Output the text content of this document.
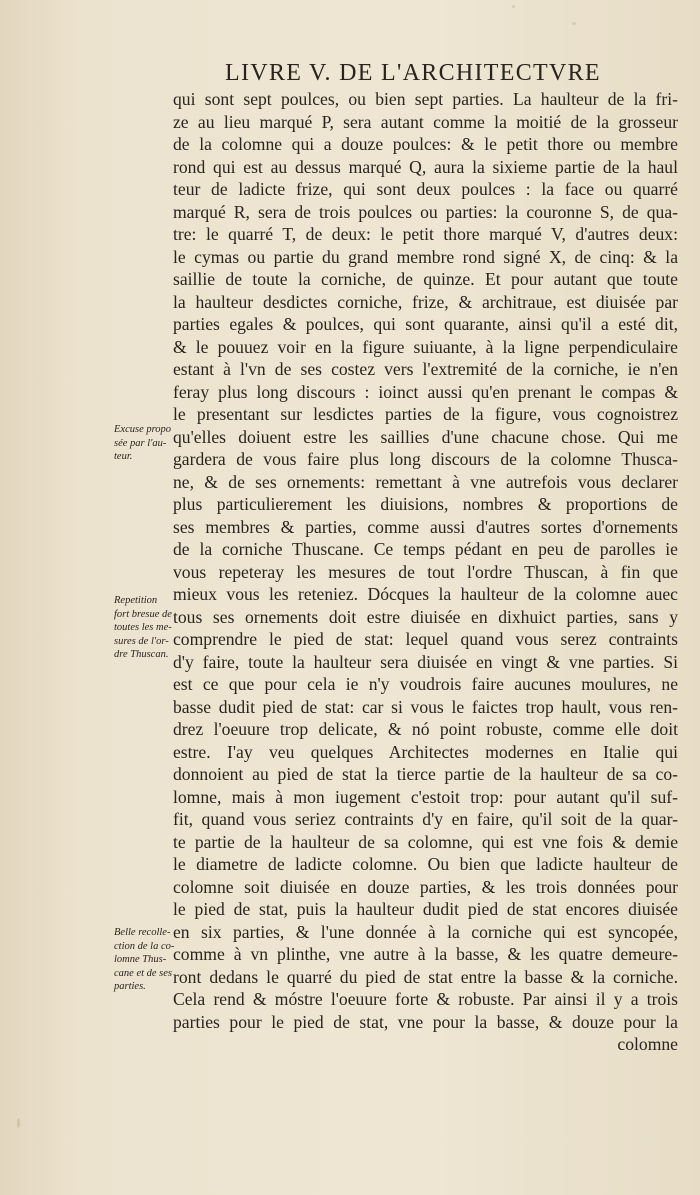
LIVRE V. DE L'ARCHITECTVRE
qui sont sept poulces, ou bien sept parties. La haulteur de la fri-
ze au lieu marqué P, sera autant comme la moitié de la grosseur
de la colomne qui a douze poulces: & le petit thore ou membre
rond qui est au dessus marqué Q, aura la sixieme partie de la haul
teur de ladicte frize, qui sont deux poulces : la face ou quarré
marqué R, sera de trois poulces ou parties: la couronne S, de qua-
tre: le quarré T, de deux: le petit thore marqué V, d'autres deux:
le cymas ou partie du grand membre rond signé X, de cinq: & la
saillie de toute la corniche, de quinze. Et pour autant que toute
la haulteur desdictes corniche, frize, & architraue, est diuisée par
parties egales & poulces, qui sont quarante, ainsi qu'il a esté dit,
& le pouuez voir en la figure suiuante, à la ligne perpendiculaire
estant à l'vn de ses costez vers l'extremité de la corniche, ie n'en
feray plus long discours : ioinct aussi qu'en prenant le compas &
le presentant sur lesdictes parties de la figure, vous cognoistrez
qu'elles doiuent estre les saillies d'une chacune chose. Qui me
gardera de vous faire plus long discours de la colomne Thusca-
ne, & de ses ornements: remettant à vne autrefois vous declarer
plus particulierement les diuisions, nombres & proportions de
ses membres & parties, comme aussi d'autres sortes d'ornements
de la corniche Thuscane. Ce temps pédant en peu de parolles ie
vous repeteray les mesures de tout l'ordre Thuscan, à fin que
mieux vous les reteniez. Dócques la haulteur de la colomne auec
tous ses ornements doit estre diuisée en dixhuict parties, sans y
comprendre le pied de stat: lequel quand vous serez contraints
d'y faire, toute la haulteur sera diuisée en vingt & vne parties. Si
est ce que pour cela ie n'y voudrois faire aucunes moulures, ne
basse dudit pied de stat: car si vous le faictes trop hault, vous ren-
drez l'oeuure trop delicate, & nó point robuste, comme elle doit
estre. I'ay veu quelques Architectes modernes en Italie qui
donnoient au pied de stat la tierce partie de la haulteur de sa co-
lomne, mais à mon iugement c'estoit trop: pour autant qu'il suf-
fit, quand vous seriez contraints d'y en faire, qu'il soit de la quar-
te partie de la haulteur de sa colomne, qui est vne fois & demie
le diametre de ladicte colomne. Ou bien que ladicte haulteur de
colomne soit diuisée en douze parties, & les trois données pour
le pied de stat, puis la haulteur dudit pied de stat encores diuisée
en six parties, & l'une donnée à la corniche qui est syncopée,
comme à vn plinthe, vne autre à la basse, & les quatre demeure-
ront dedans le quarré du pied de stat entre la basse & la corniche.
Cela rend & móstre l'oeuure forte & robuste. Par ainsi il y a trois
parties pour le pied de stat, vne pour la basse, & douze pour la
colomne
Excuse propo
sée par l'au-
teur.
Repetition
fort bresue de
toutes les me-
sures de l'or-
dre Thuscan.
Belle recolle-
ction de la co-
lomne Thus-
cane et de ses
parties.
